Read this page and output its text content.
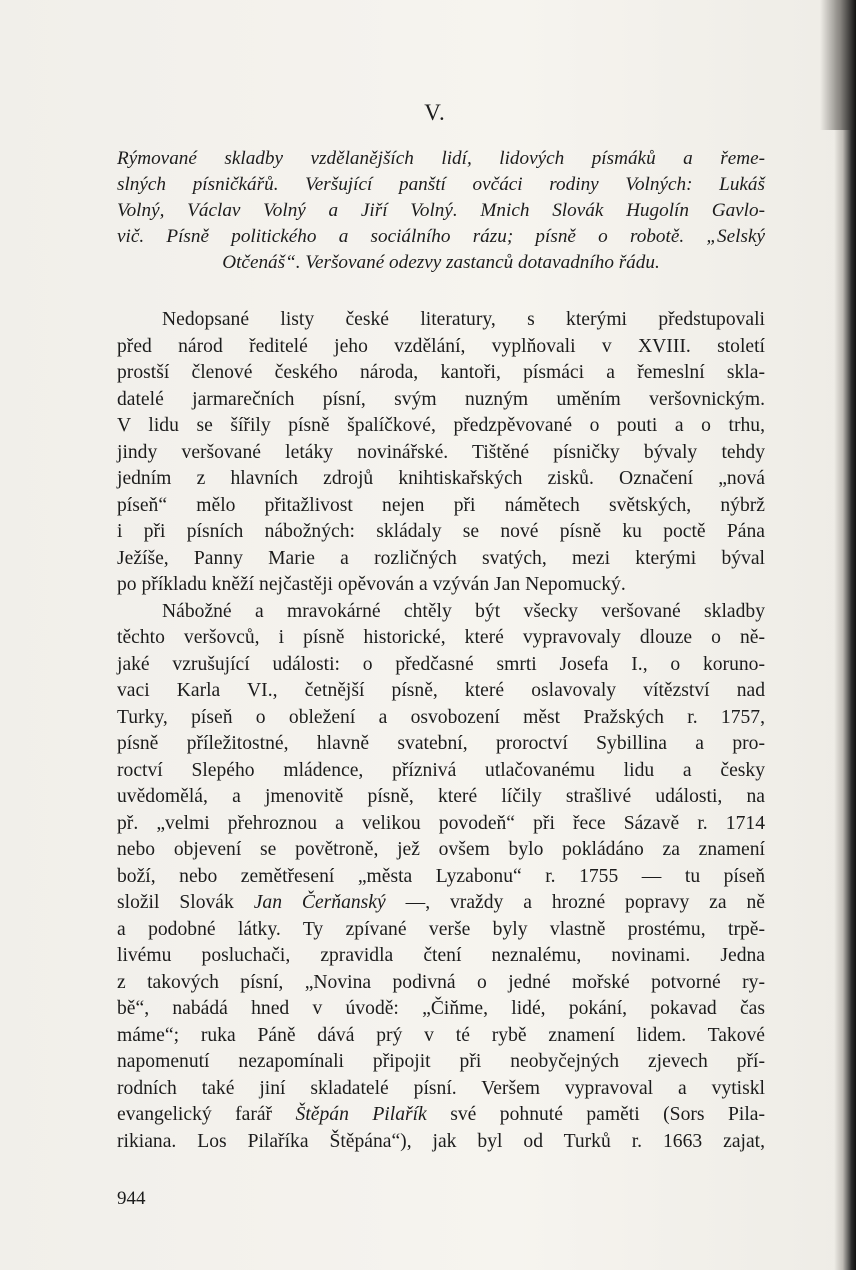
V.
Rýmované skladby vzdělanějších lidí, lidových písmáků a řeme-
slných písničkářů. Veršující panští ovčáci rodiny Volných: Lukáš
Volný, Václav Volný a Jiří Volný. Mnich Slovák Hugolín Gavlo-
vič. Písně politického a sociálního rázu; písně o robotě. „Selský
Otčenáš“. Veršované odezvy zastanců dotavadního řádu.
Nedopsané listy české literatury, s kterými předstupovali
před národ ředitelé jeho vzdělání, vyplňovali v XVIII. století
prostší členové českého národa, kantoři, písmáci a řemeslní skla-
datelé jarmarečních písní, svým nuzným uměním veršovnickým.
V lidu se šířily písně špalíčkové, předzpěvované o pouti a o trhu,
jindy veršované letáky novinářské. Tištěné písničky bývaly tehdy
jedním z hlavních zdrojů knihtiskařských zisků. Označení „nová
píseň“ mělo přitažlivost nejen při námětech světských, nýbrž
i při písních nábožných: skládaly se nové písně ku poctě Pána
Ježíše, Panny Marie a rozličných svatých, mezi kterými býval
po příkladu kněží nejčastěji opěvován a vzýván Jan Nepomucký.
Nábožné a mravokárné chtěly být všecky veršované skladby
těchto veršovců, i písně historické, které vypravovaly dlouze o ně-
jaké vzrušující události: o předčasné smrti Josefa I., o koruno-
vaci Karla VI., četnější písně, které oslavovaly vítězství nad
Turky, píseň o obležení a osvobození měst Pražských r. 1757,
písně příležitostné, hlavně svatební, proroctví Sybillina a pro-
roctví Slepého mládence, příznivá utlačovanému lidu a česky
uvědomělá, a jmenovitě písně, které líčily strašlivé události, na
př. „velmi přehroznou a velikou povodeň“ při řece Sázavě r. 1714
nebo objevení se povětroně, jež ovšem bylo pokládáno za znamení
boží, nebo zemětřesení „města Lyzabonu“ r. 1755 — tu píseň
složil Slovák Jan Čerňanský —, vraždy a hrozné popravy za ně
a podobné látky. Ty zpívané verše byly vlastně prostému, trpě-
livému posluchači, zpravidla čtení neznalému, novinami. Jedna
z takových písní, „Novina podivná o jedné mořské potvorné ry-
bě“, nabádá hned v úvodě: „Čiňme, lidé, pokání, pokavad čas
máme“; ruka Páně dává prý v té rybě znamení lidem. Takové
napomenutí nezapomínali připojit při neobyčejných zjevech pří-
rodních také jiní skladatelé písní. Veršem vypravoval a vytiskl
evangelický farář Štěpán Pilařík své pohnuté paměti (Sors Pila-
rikiana. Los Pilaříka Štěpána“), jak byl od Turků r. 1663 zajat,
944
